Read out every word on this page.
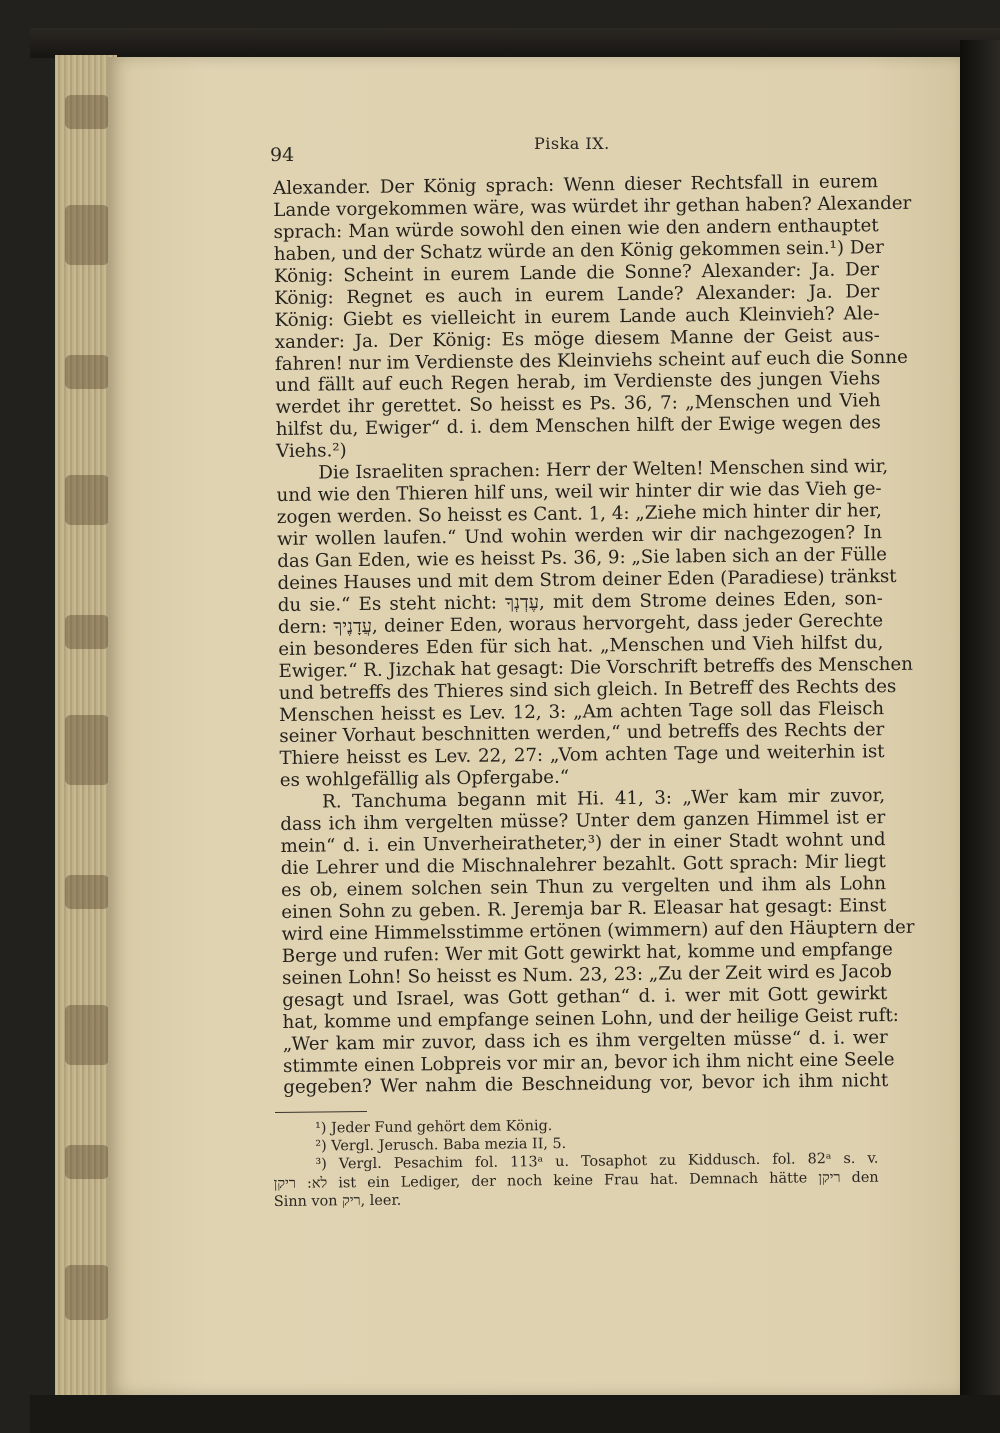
94
Piska IX.
Alexander. Der König sprach: Wenn dieser Rechtsfall in eurem
Lande vorgekommen wäre, was würdet ihr gethan haben? Alexander
sprach: Man würde sowohl den einen wie den andern enthauptet
haben, und der Schatz würde an den König gekommen sein.¹) Der
König: Scheint in eurem Lande die Sonne? Alexander: Ja. Der
König: Regnet es auch in eurem Lande? Alexander: Ja. Der
König: Giebt es vielleicht in eurem Lande auch Kleinvieh? Ale-
xander: Ja. Der König: Es möge diesem Manne der Geist aus-
fahren! nur im Verdienste des Kleinviehs scheint auf euch die Sonne
und fällt auf euch Regen herab, im Verdienste des jungen Viehs
werdet ihr gerettet. So heisst es Ps. 36, 7: „Menschen und Vieh
hilfst du, Ewiger“ d. i. dem Menschen hilft der Ewige wegen des
Viehs.²)
Die Israeliten sprachen: Herr der Welten! Menschen sind wir,
und wie den Thieren hilf uns, weil wir hinter dir wie das Vieh ge-
zogen werden. So heisst es Cant. 1, 4: „Ziehe mich hinter dir her,
wir wollen laufen.“ Und wohin werden wir dir nachgezogen? In
das Gan Eden, wie es heisst Ps. 36, 9: „Sie laben sich an der Fülle
deines Hauses und mit dem Strom deiner Eden (Paradiese) tränkst
du sie.“ Es steht nicht: ‏עֶדְנְךָ‏, mit dem Strome deines Eden, son-
dern: ‏עֲדָנֶיךָ‏, deiner Eden, woraus hervorgeht, dass jeder Gerechte
ein besonderes Eden für sich hat. „Menschen und Vieh hilfst du,
Ewiger.“ R. Jizchak hat gesagt: Die Vorschrift betreffs des Menschen
und betreffs des Thieres sind sich gleich. In Betreff des Rechts des
Menschen heisst es Lev. 12, 3: „Am achten Tage soll das Fleisch
seiner Vorhaut beschnitten werden,“ und betreffs des Rechts der
Thiere heisst es Lev. 22, 27: „Vom achten Tage und weiterhin ist
es wohlgefällig als Opfergabe.“
R. Tanchuma begann mit Hi. 41, 3: „Wer kam mir zuvor,
dass ich ihm vergelten müsse? Unter dem ganzen Himmel ist er
mein“ d. i. ein Unverheiratheter,³) der in einer Stadt wohnt und
die Lehrer und die Mischnalehrer bezahlt. Gott sprach: Mir liegt
es ob, einem solchen sein Thun zu vergelten und ihm als Lohn
einen Sohn zu geben. R. Jeremja bar R. Eleasar hat gesagt: Einst
wird eine Himmelsstimme ertönen (wimmern) auf den Häuptern der
Berge und rufen: Wer mit Gott gewirkt hat, komme und empfange
seinen Lohn! So heisst es Num. 23, 23: „Zu der Zeit wird es Jacob
gesagt und Israel, was Gott gethan“ d. i. wer mit Gott gewirkt
hat, komme und empfange seinen Lohn, und der heilige Geist ruft:
„Wer kam mir zuvor, dass ich es ihm vergelten müsse“ d. i. wer
stimmte einen Lobpreis vor mir an, bevor ich ihm nicht eine Seele
gegeben? Wer nahm die Beschneidung vor, bevor ich ihm nicht
¹) Jeder Fund gehört dem König.
²) Vergl. Jerusch. Baba mezia II, 5.
³) Vergl. Pesachim fol. 113ᵃ u. Tosaphot zu Kiddusch. fol. 82ᵃ s. v.
‏לא‏: ‏ריקן‏ ist ein Lediger, der noch keine Frau hat. Demnach hätte ‏ריקן‏ den
Sinn von ‏ריק‏, leer.
